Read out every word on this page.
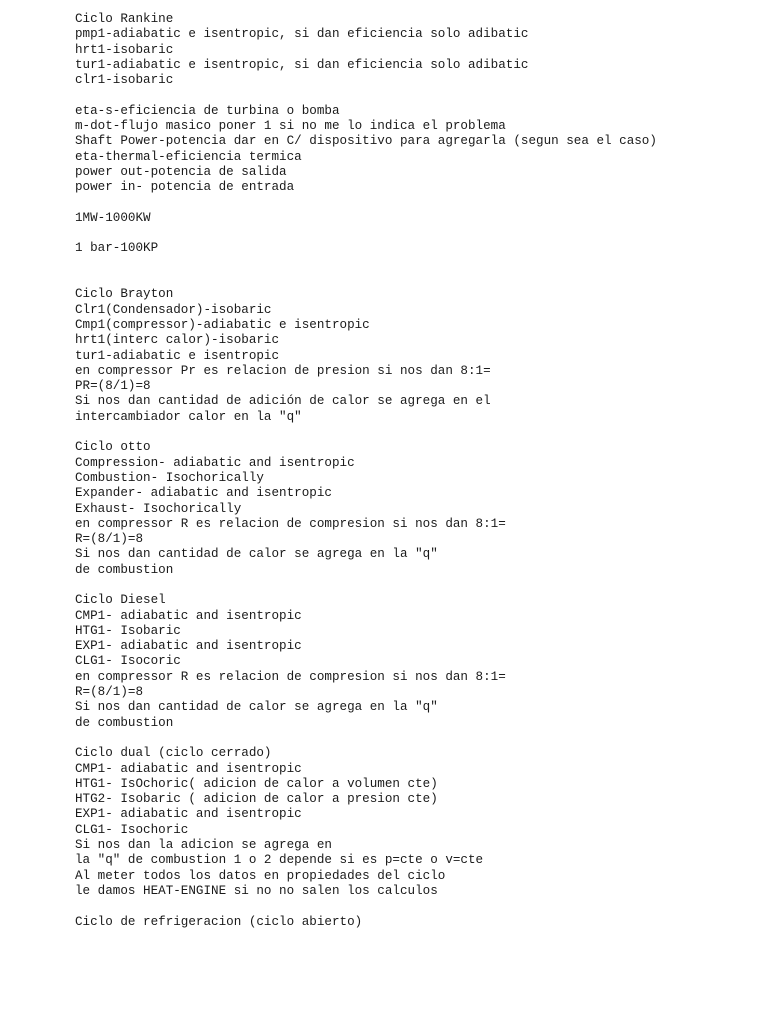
Ciclo Rankine
pmp1-adiabatic e isentropic, si dan eficiencia solo adibatic
hrt1-isobaric
tur1-adiabatic e isentropic, si dan eficiencia solo adibatic
clr1-isobaric
eta-s-eficiencia de turbina o bomba
m-dot-flujo masico poner 1 si no me lo indica el problema
Shaft Power-potencia dar en C/ dispositivo para agregarla (segun sea el caso)
eta-thermal-eficiencia termica
power out-potencia de salida
power in- potencia de entrada
1MW-1000KW
1 bar-100KP
Ciclo Brayton
Clr1(Condensador)-isobaric
Cmp1(compressor)-adiabatic e isentropic
hrt1(interc calor)-isobaric
tur1-adiabatic e isentropic
en compressor Pr es relacion de presion si nos dan 8:1=
PR=(8/1)=8
Si nos dan cantidad de adición de calor se agrega en el
intercambiador calor en la "q"
Ciclo otto
Compression- adiabatic and isentropic
Combustion- Isochorically
Expander- adiabatic and isentropic
Exhaust- Isochorically
en compressor R es relacion de compresion si nos dan 8:1=
R=(8/1)=8
Si nos dan cantidad de calor se agrega en la "q"
de combustion
Ciclo Diesel
CMP1- adiabatic and isentropic
HTG1- Isobaric
EXP1- adiabatic and isentropic
CLG1- Isocoric
en compressor R es relacion de compresion si nos dan 8:1=
R=(8/1)=8
Si nos dan cantidad de calor se agrega en la "q"
de combustion
Ciclo dual (ciclo cerrado)
CMP1- adiabatic and isentropic
HTG1- IsOchoric( adicion de calor a volumen cte)
HTG2- Isobaric ( adicion de calor a presion cte)
EXP1- adiabatic and isentropic
CLG1- Isochoric
Si nos dan la adicion se agrega en
la "q" de combustion 1 o 2 depende si es p=cte o v=cte
Al meter todos los datos en propiedades del ciclo
le damos HEAT-ENGINE si no no salen los calculos
Ciclo de refrigeracion (ciclo abierto)
